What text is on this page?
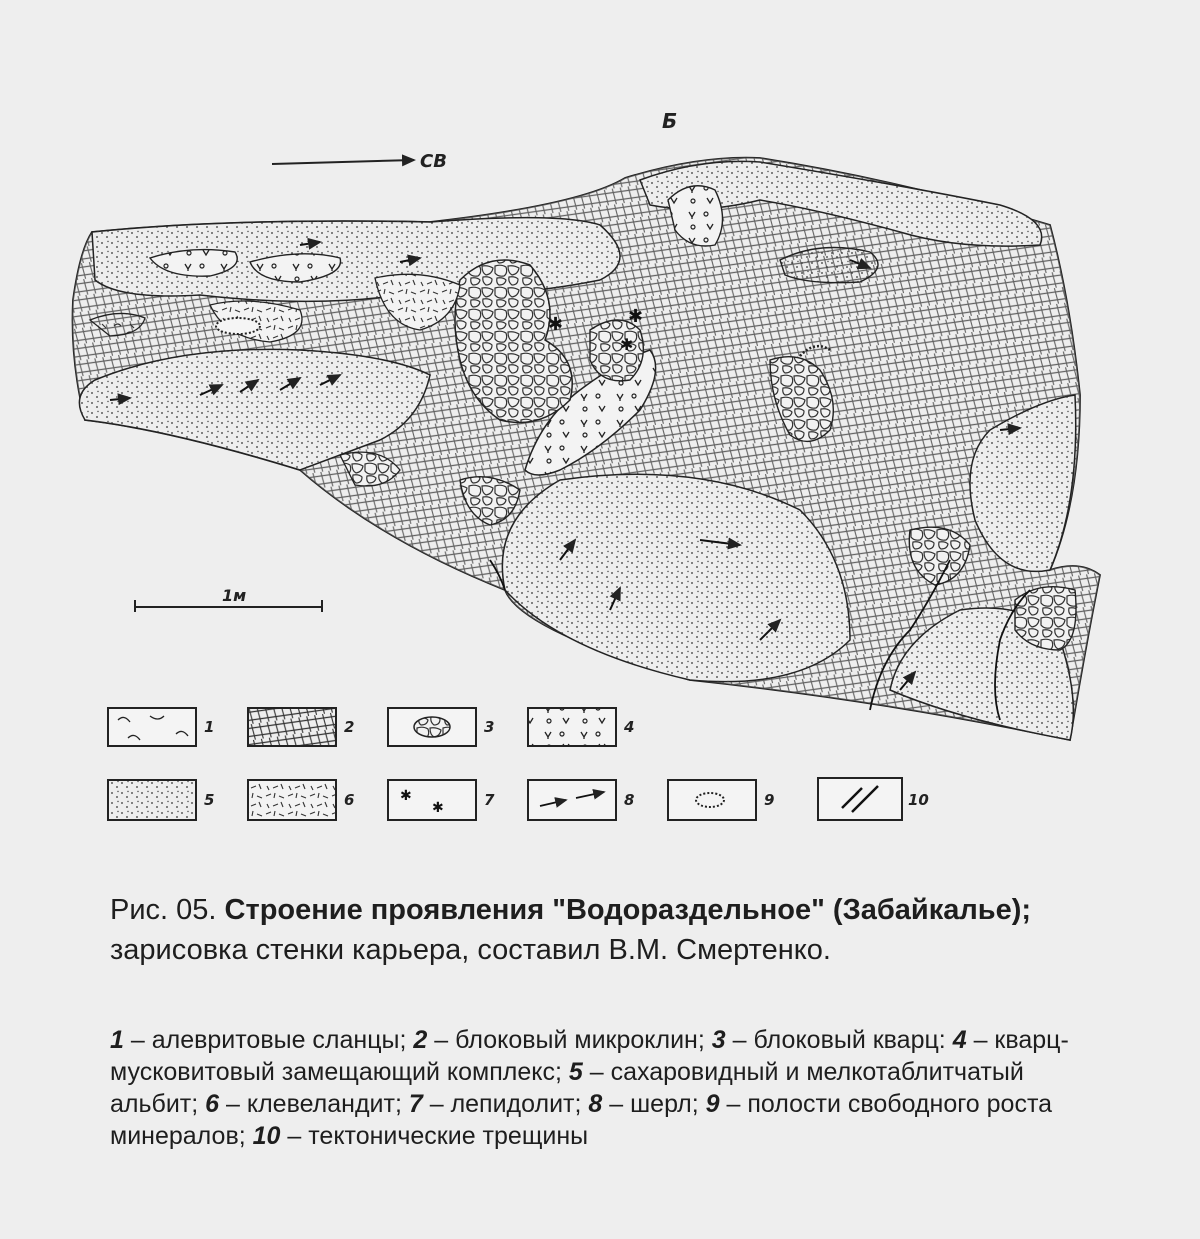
Б
СВ
✱	✱
✱
1м
1	2	3	4
5	6	✱
✱	7	8	9	10

Рис. 05. Строение проявления "Водораздельное" (Забайкалье); зарисовка стенки карьера, составил В.М. Смертенко.

1 – алевритовые сланцы; 2 – блоковый микроклин; 3 – блоковый кварц: 4 – кварц-мусковитовый замещающий комплекс; 5 – сахаровидный и мелкотаблитчатый альбит; 6 – клевеландит; 7 – лепидолит; 8 – шерл; 9 – полости свободного роста минералов; 10 – тектонические трещины
